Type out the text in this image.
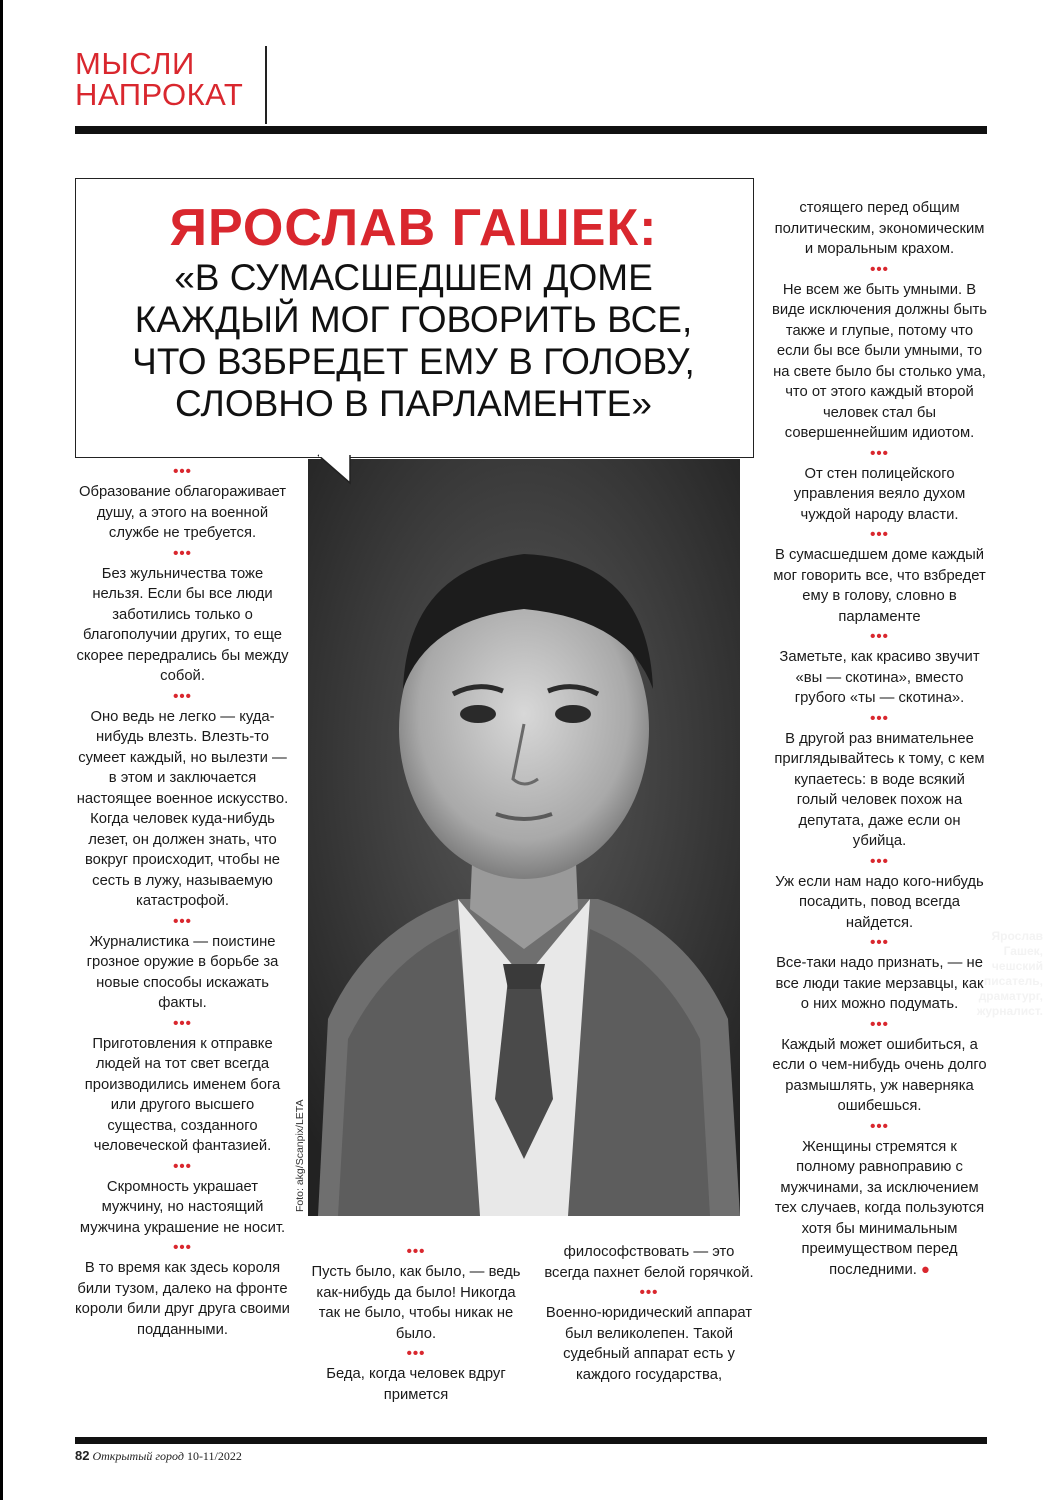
МЫСЛИ
НАПРОКАТ
Ярослав
Гашек,
чешский
писатель,
драматург,
журналист.
Foto: akg/Scanpix/LETA
ЯРОСЛАВ ГАШЕК:
«В СУМАСШЕДШЕМ ДОМЕ
КАЖДЫЙ МОГ ГОВОРИТЬ ВСЕ,
ЧТО ВЗБРЕДЕТ ЕМУ В ГОЛОВУ,
СЛОВНО В ПАРЛАМЕНТЕ»
•••

Образование облагораживает душу, а этого на военной службе не требуется.

•••

Без жульничества тоже нельзя. Если бы все люди заботились только о благополучии других, то еще скорее передрались бы между собой.

•••

Оно ведь не легко — куда-нибудь влезть. Влезть-то сумеет каждый, но вылезти — в этом и заключается настоящее военное искусство. Когда человек куда-нибудь лезет, он должен знать, что вокруг происходит, чтобы не сесть в лужу, называемую катастрофой.

•••

Журналистика — поистине грозное оружие в борьбе за новые способы искажать факты.

•••

Приготовления к отправке людей на тот свет всегда производились именем бога или другого высшего существа, созданного человеческой фантазией.

•••

Скромность украшает мужчину, но настоящий мужчина украшение не носит.

•••

В то время как здесь короля били тузом, далеко на фронте короли били друг друга своими подданными.

•••

Пусть было, как было, — ведь как-нибудь да было! Никогда так не было, чтобы никак не было.

•••

Беда, когда человек вдруг примется

философствовать — это всегда пахнет белой горячкой.

•••

Военно-юридический аппарат был великолепен. Такой судебный аппарат есть у каждого государства,

стоящего перед общим политическим, экономическим и моральным крахом.

•••

Не всем же быть умными. В виде исключения должны быть также и глупые, потому что если бы все были умными, то на свете было бы столько ума, что от этого каждый второй человек стал бы совершеннейшим идиотом.

•••

От стен полицейского управления веяло духом чуждой народу власти.

•••

В сумасшедшем доме каждый мог говорить все, что взбредет ему в голову, словно в парламенте

•••

Заметьте, как красиво звучит «вы — скотина», вместо грубого «ты — скотина».

•••

В другой раз внимательнее приглядывайтесь к тому, с кем купаетесь: в воде всякий голый человек похож на депутата, даже если он убийца.

•••

Уж если нам надо кого-нибудь посадить, повод всегда найдется.

•••

Все-таки надо признать, — не все люди такие мерзавцы, как о них можно подумать.

•••

Каждый может ошибиться, а если о чем-нибудь очень долго размышлять, уж наверняка ошибешься.

•••

Женщины стремятся к полному равноправию с мужчинами, за исключением тех случаев, когда пользуются хотя бы минимальным преимуществом перед последними. ●

82 Открытый город 10-11/2022
